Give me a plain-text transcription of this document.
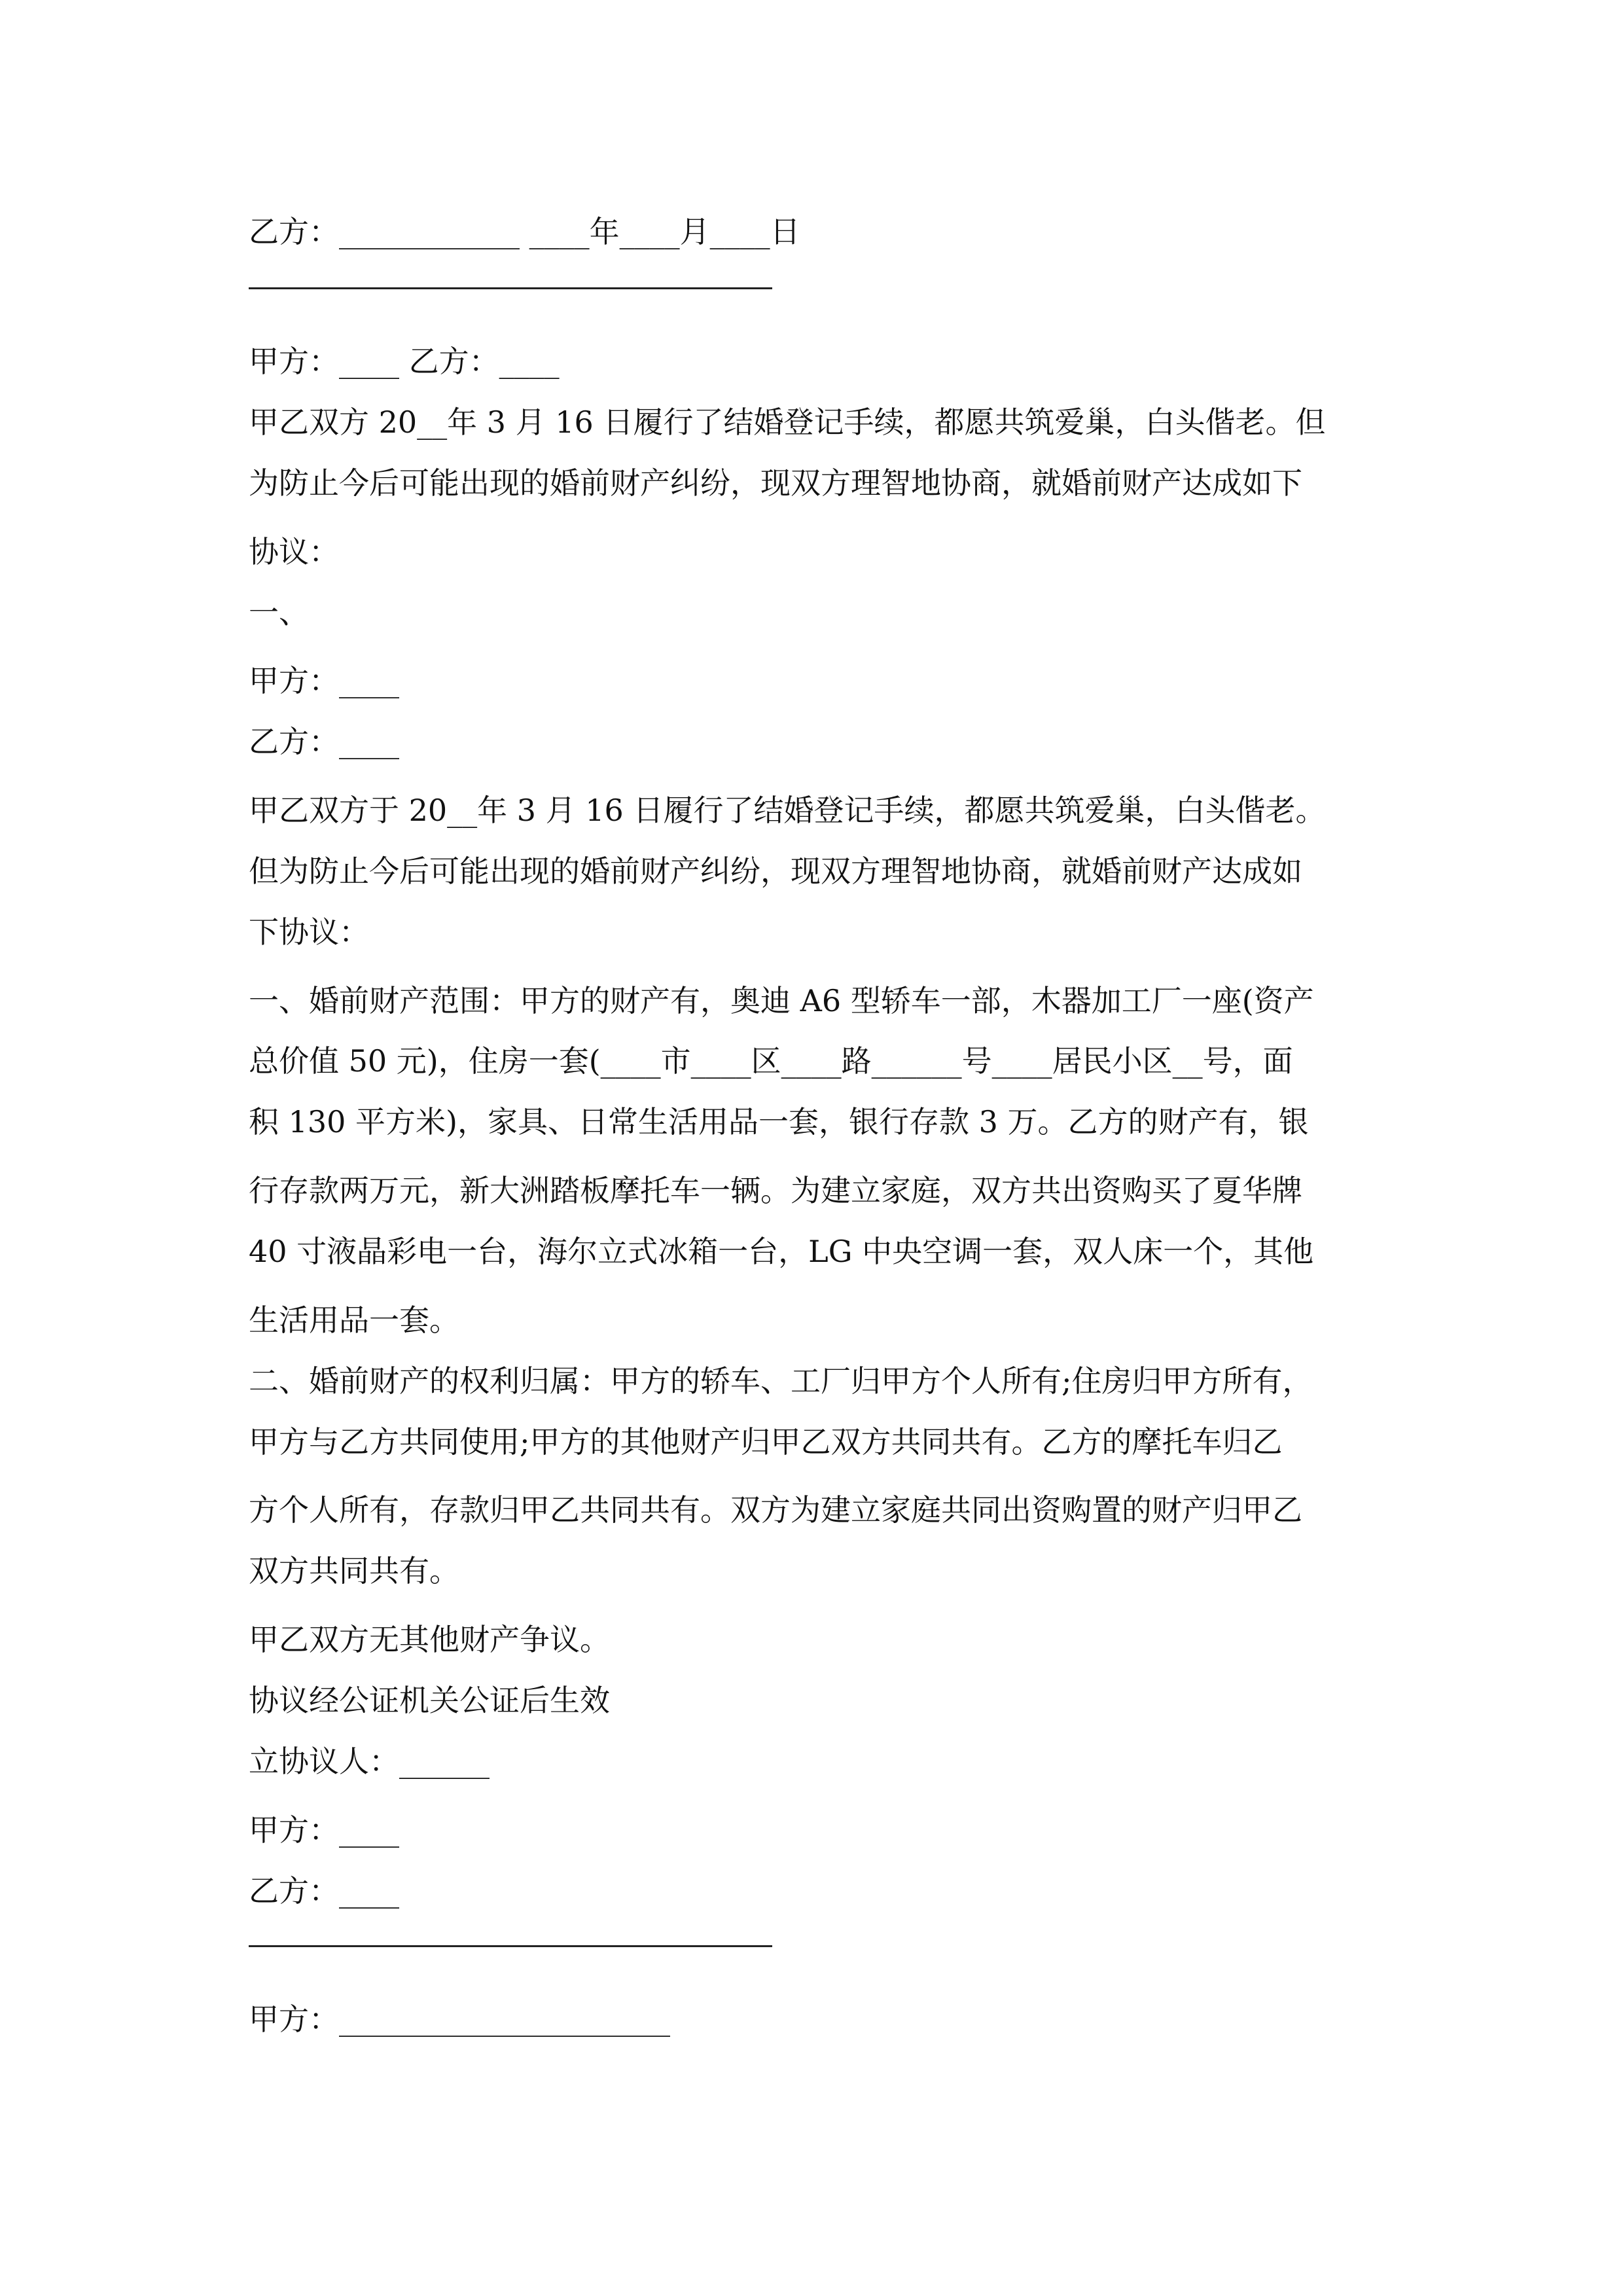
乙方：____________ ____年____月____日

甲方：____ 乙方：____

甲乙双方 20__年 3 月 16 日履行了结婚登记手续，都愿共筑爱巢，白头偕老。但

为防止今后可能出现的婚前财产纠纷，现双方理智地协商，就婚前财产达成如下

协议：

一、

甲方：____

乙方：____

甲乙双方于 20__年 3 月 16 日履行了结婚登记手续，都愿共筑爱巢，白头偕老。

但为防止今后可能出现的婚前财产纠纷，现双方理智地协商，就婚前财产达成如

下协议：

一、婚前财产范围：甲方的财产有，奥迪 A6 型轿车一部，木器加工厂一座(资产

总价值 50 元)，住房一套(____市____区____路______号____居民小区__号，面

积 130 平方米)，家具、日常生活用品一套，银行存款 3 万。乙方的财产有，银

行存款两万元，新大洲踏板摩托车一辆。为建立家庭，双方共出资购买了夏华牌

40 寸液晶彩电一台，海尔立式冰箱一台，LG 中央空调一套，双人床一个，其他

生活用品一套。

二、婚前财产的权利归属：甲方的轿车、工厂归甲方个人所有;住房归甲方所有，

甲方与乙方共同使用;甲方的其他财产归甲乙双方共同共有。乙方的摩托车归乙

方个人所有，存款归甲乙共同共有。双方为建立家庭共同出资购置的财产归甲乙

双方共同共有。

甲乙双方无其他财产争议。

协议经公证机关公证后生效

立协议人：______

甲方：____

乙方：____

甲方：______________________
